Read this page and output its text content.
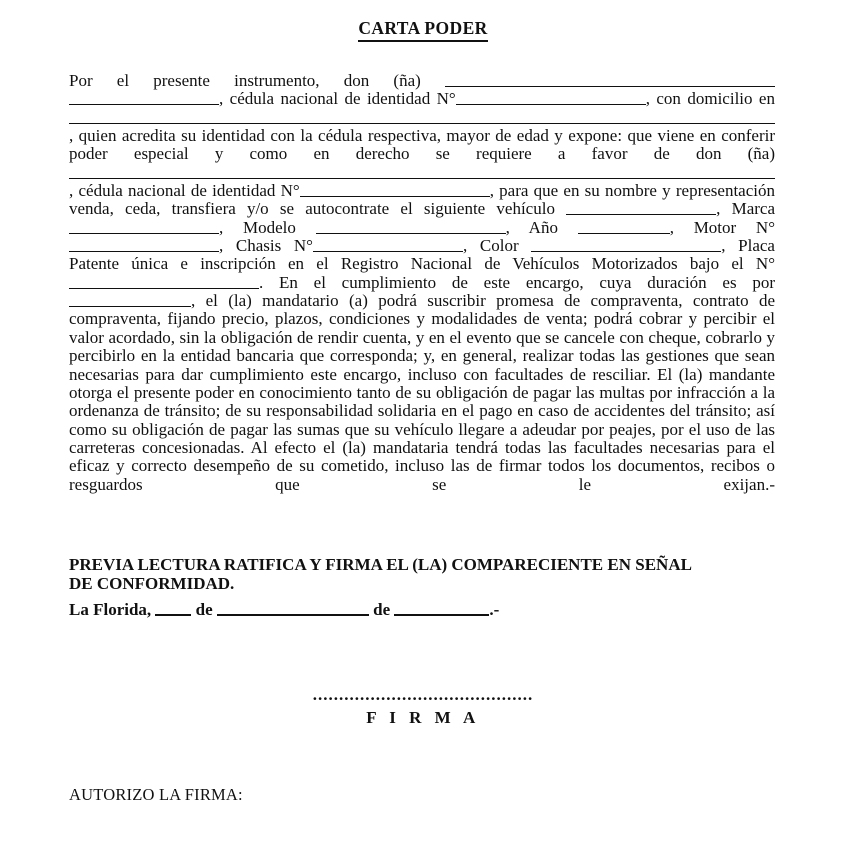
CARTA PODER

Por el presente instrumento, don (ña) , cédula nacional de identidad N°	, con domicilio en , quien acredita su identidad con la cédula respectiva, mayor de edad y expone: que viene en conferir poder especial y como en derecho se requiere a favor de don (ña) , cédula nacional de identidad N°	, para que en su nombre y representación venda, ceda, transfiera y/o se autocontrate el siguiente vehículo	, Marca , Modelo	, Año	, Motor N°, Chasis N°	, Color	, Placa Patente única e inscripción en el Registro Nacional de Vehículos Motorizados bajo el N°. En el cumplimiento de este encargo, cuya duración es por , el (la) mandatario (a) podrá suscribir promesa de compraventa, contrato de compraventa, fijando precio, plazos, condiciones y modalidades de venta; podrá cobrar y percibir el valor acordado, sin la obligación de rendir cuenta, y en el evento que se cancele con cheque, cobrarlo y percibirlo en la entidad bancaria que corresponda; y, en general, realizar todas las gestiones que sean necesarias para dar cumplimiento este encargo, incluso con facultades de resciliar. El (la) mandante otorga el presente poder en conocimiento tanto de su obligación de pagar las multas por infracción a la ordenanza de tránsito; de su responsabilidad solidaria en el pago en caso de accidentes del tránsito; así como su obligación de pagar las sumas que su vehículo llegare a adeudar por peajes, por el uso de las carreteras concesionadas. Al efecto el (la) mandataria tendrá todas las facultades necesarias para el eficaz y correcto desempeño de su cometido, incluso las de firmar todos los documentos, recibos o resguardos que se le exijan.-

PREVIA LECTURA RATIFICA Y FIRMA EL (LA) COMPARECIENTE EN SEÑAL
DE CONFORMIDAD.
La Florida,	de	de	.-
..........................................
F I R M A
AUTORIZO LA FIRMA:
